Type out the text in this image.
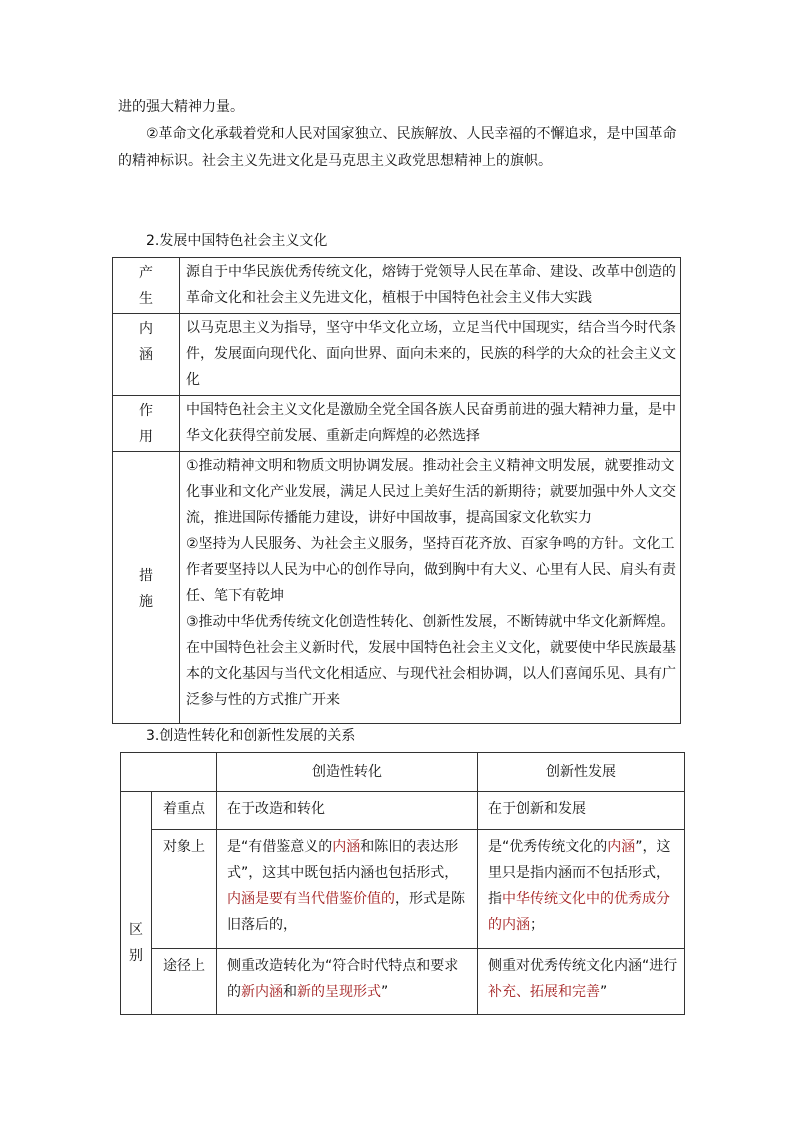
进的强大精神力量。

②革命文化承载着党和人民对国家独立、民族解放、人民幸福的不懈追求，是中国革命的精神标识。社会主义先进文化是马克思主义政党思想精神上的旗帜。

2.发展中国特色社会主义文化

产
生	源自于中华民族优秀传统文化，熔铸于党领导人民在革命、建设、改革中创造的革命文化和社会主义先进文化，植根于中国特色社会主义伟大实践

内
涵	以马克思主义为指导，坚守中华文化立场，立足当代中国现实，结合当今时代条件，发展面向现代化、面向世界、面向未来的，民族的科学的大众的社会主义文化

作
用	中国特色社会主义文化是激励全党全国各族人民奋勇前进的强大精神力量，是中华文化获得空前发展、重新走向辉煌的必然选择

措
施	①推动精神文明和物质文明协调发展。推动社会主义精神文明发展，就要推动文化事业和文化产业发展，满足人民过上美好生活的新期待；就要加强中外人文交流，推进国际传播能力建设，讲好中国故事，提高国家文化软实力
②坚持为人民服务、为社会主义服务，坚持百花齐放、百家争鸣的方针。文化工作者要坚持以人民为中心的创作导向，做到胸中有大义、心里有人民、肩头有责任、笔下有乾坤
③推动中华优秀传统文化创造性转化、创新性发展，不断铸就中华文化新辉煌。在中国特色社会主义新时代，发展中国特色社会主义文化，就要使中华民族最基本的文化基因与当代文化相适应、与现代社会相协调，以人们喜闻乐见、具有广泛参与性的方式推广开来

3.创造性转化和创新性发展的关系

		创造性转化	创新性发展

区
别	着重点	在于改造和转化	在于创新和发展
	对象上	是“有借鉴意义的内涵和陈旧的表达形式”，这其中既包括内涵也包括形式，内涵是要有当代借鉴价值的，形式是陈旧落后的，	是“优秀传统文化的内涵”，这里只是指内涵而不包括形式，指中华传统文化中的优秀成分的内涵；
	途径上	侧重改造转化为“符合时代特点和要求的新内涵和新的呈现形式”	侧重对优秀传统文化内涵“进行补充、拓展和完善”
